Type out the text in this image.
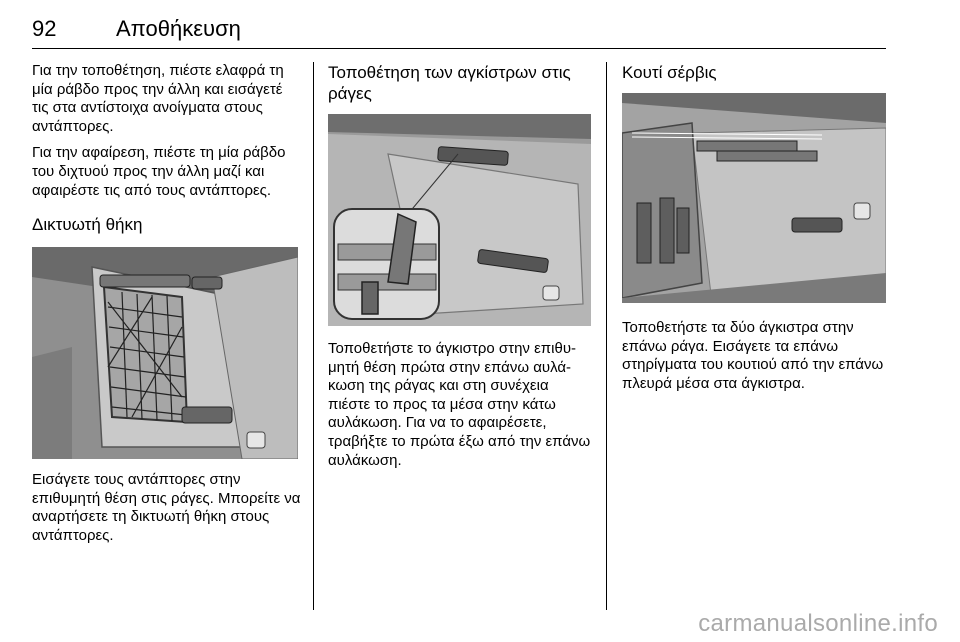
92	Αποθήκευση

Για την τοποθέτηση, πιέστε ελαφρά τη μία ράβδο προς την άλλη και εισάγετέ τις στα αντίστοιχα ανοίγματα στους αντάπτορες.

Για την αφαίρεση, πιέστε τη μία ράβδο του διχτυού προς την άλλη μαζί και αφαιρέστε τις από τους αντάπτορες.

Δικτυωτή θήκη

Εισάγετε τους αντάπτορες στην επιθυμητή θέση στις ράγες. Μπορείτε να αναρτήσετε τη δικτυωτή θήκη στους αντάπτορες.

Τοποθέτηση των αγκίστρων στις ράγες

Τοποθετήστε το άγκιστρο στην επιθυ-μητή θέση πρώτα στην επάνω αυλά-κωση της ράγας και στη συνέχεια πιέστε το προς τα μέσα στην κάτω αυλάκωση. Για να το αφαιρέσετε, τραβήξτε το πρώτα έξω από την επάνω αυλάκωση.

Κουτί σέρβις

Τοποθετήστε τα δύο άγκιστρα στην επάνω ράγα. Εισάγετε τα επάνω στηρίγματα του κουτιού από την επάνω πλευρά μέσα στα άγκιστρα.

carmanualsonline.info
